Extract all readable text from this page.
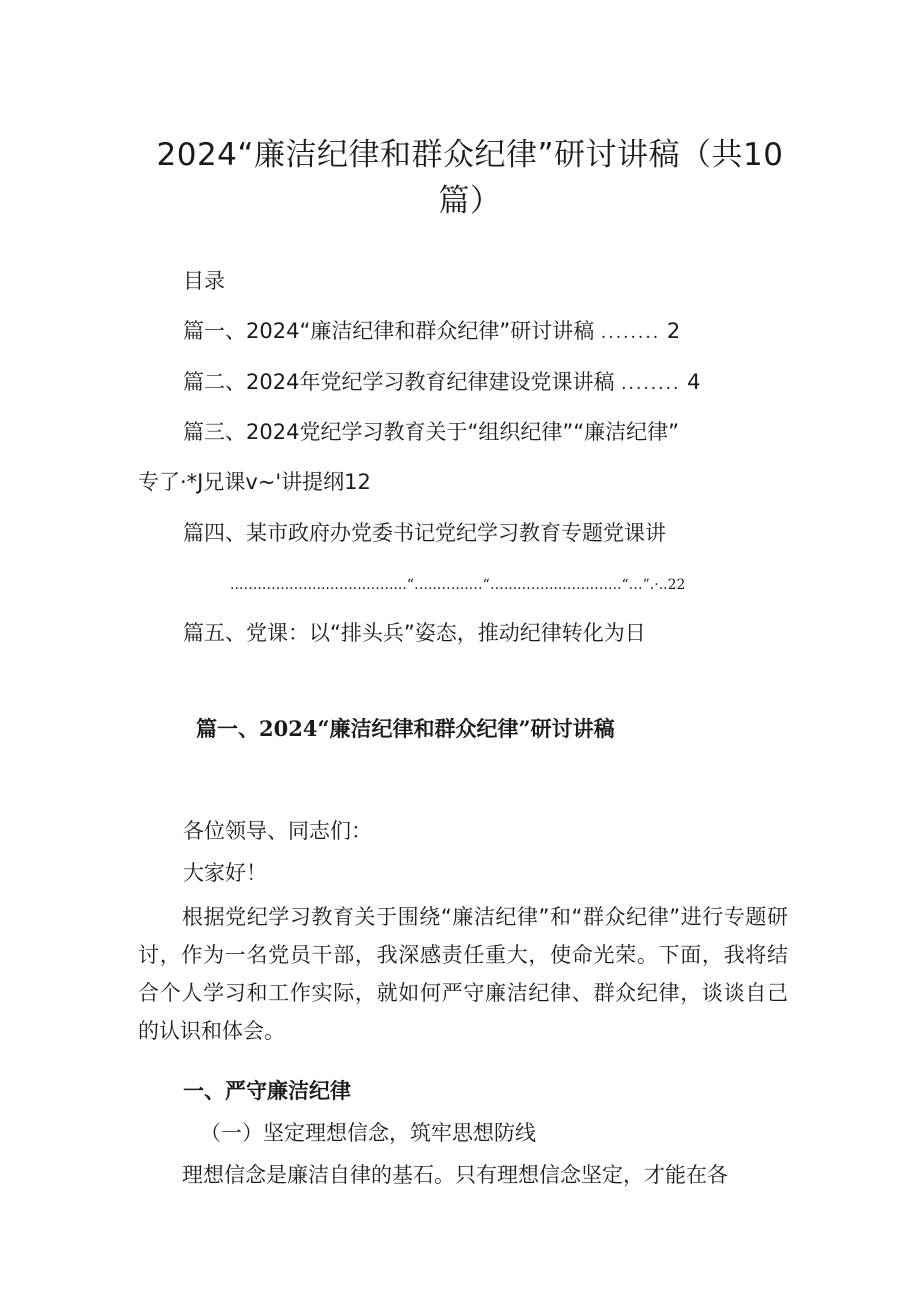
2024“廉洁纪律和群众纪律”研讨讲稿（共10
篇）
目录
篇一、2024“廉洁纪律和群众纪律”研讨讲稿 ........ 2
篇二、2024年党纪学习教育纪律建设党课讲稿 ........ 4
篇三、2024党纪学习教育关于“组织纪律”“廉洁纪律”
专了·*J兄课v~'讲提纲12
篇四、某市政府办党委书记党纪学习教育专题党课讲
..…..…....…......….....….....“…...…...…“….....…......…...…...“…”.·..22
篇五、党课：以“排头兵”姿态，推动纪律转化为日
篇一、2024“廉洁纪律和群众纪律”研讨讲稿
各位领导、同志们：
大家好！
根据党纪学习教育关于围绕“廉洁纪律”和“群众纪律”进行专题研讨，作为一名党员干部，我深感责任重大，使命光荣。下面，我将结合个人学习和工作实际，就如何严守廉洁纪律、群众纪律，谈谈自己的认识和体会。
一、严守廉洁纪律
（一）坚定理想信念，筑牢思想防线
理想信念是廉洁自律的基石。只有理想信念坚定，才能在各
